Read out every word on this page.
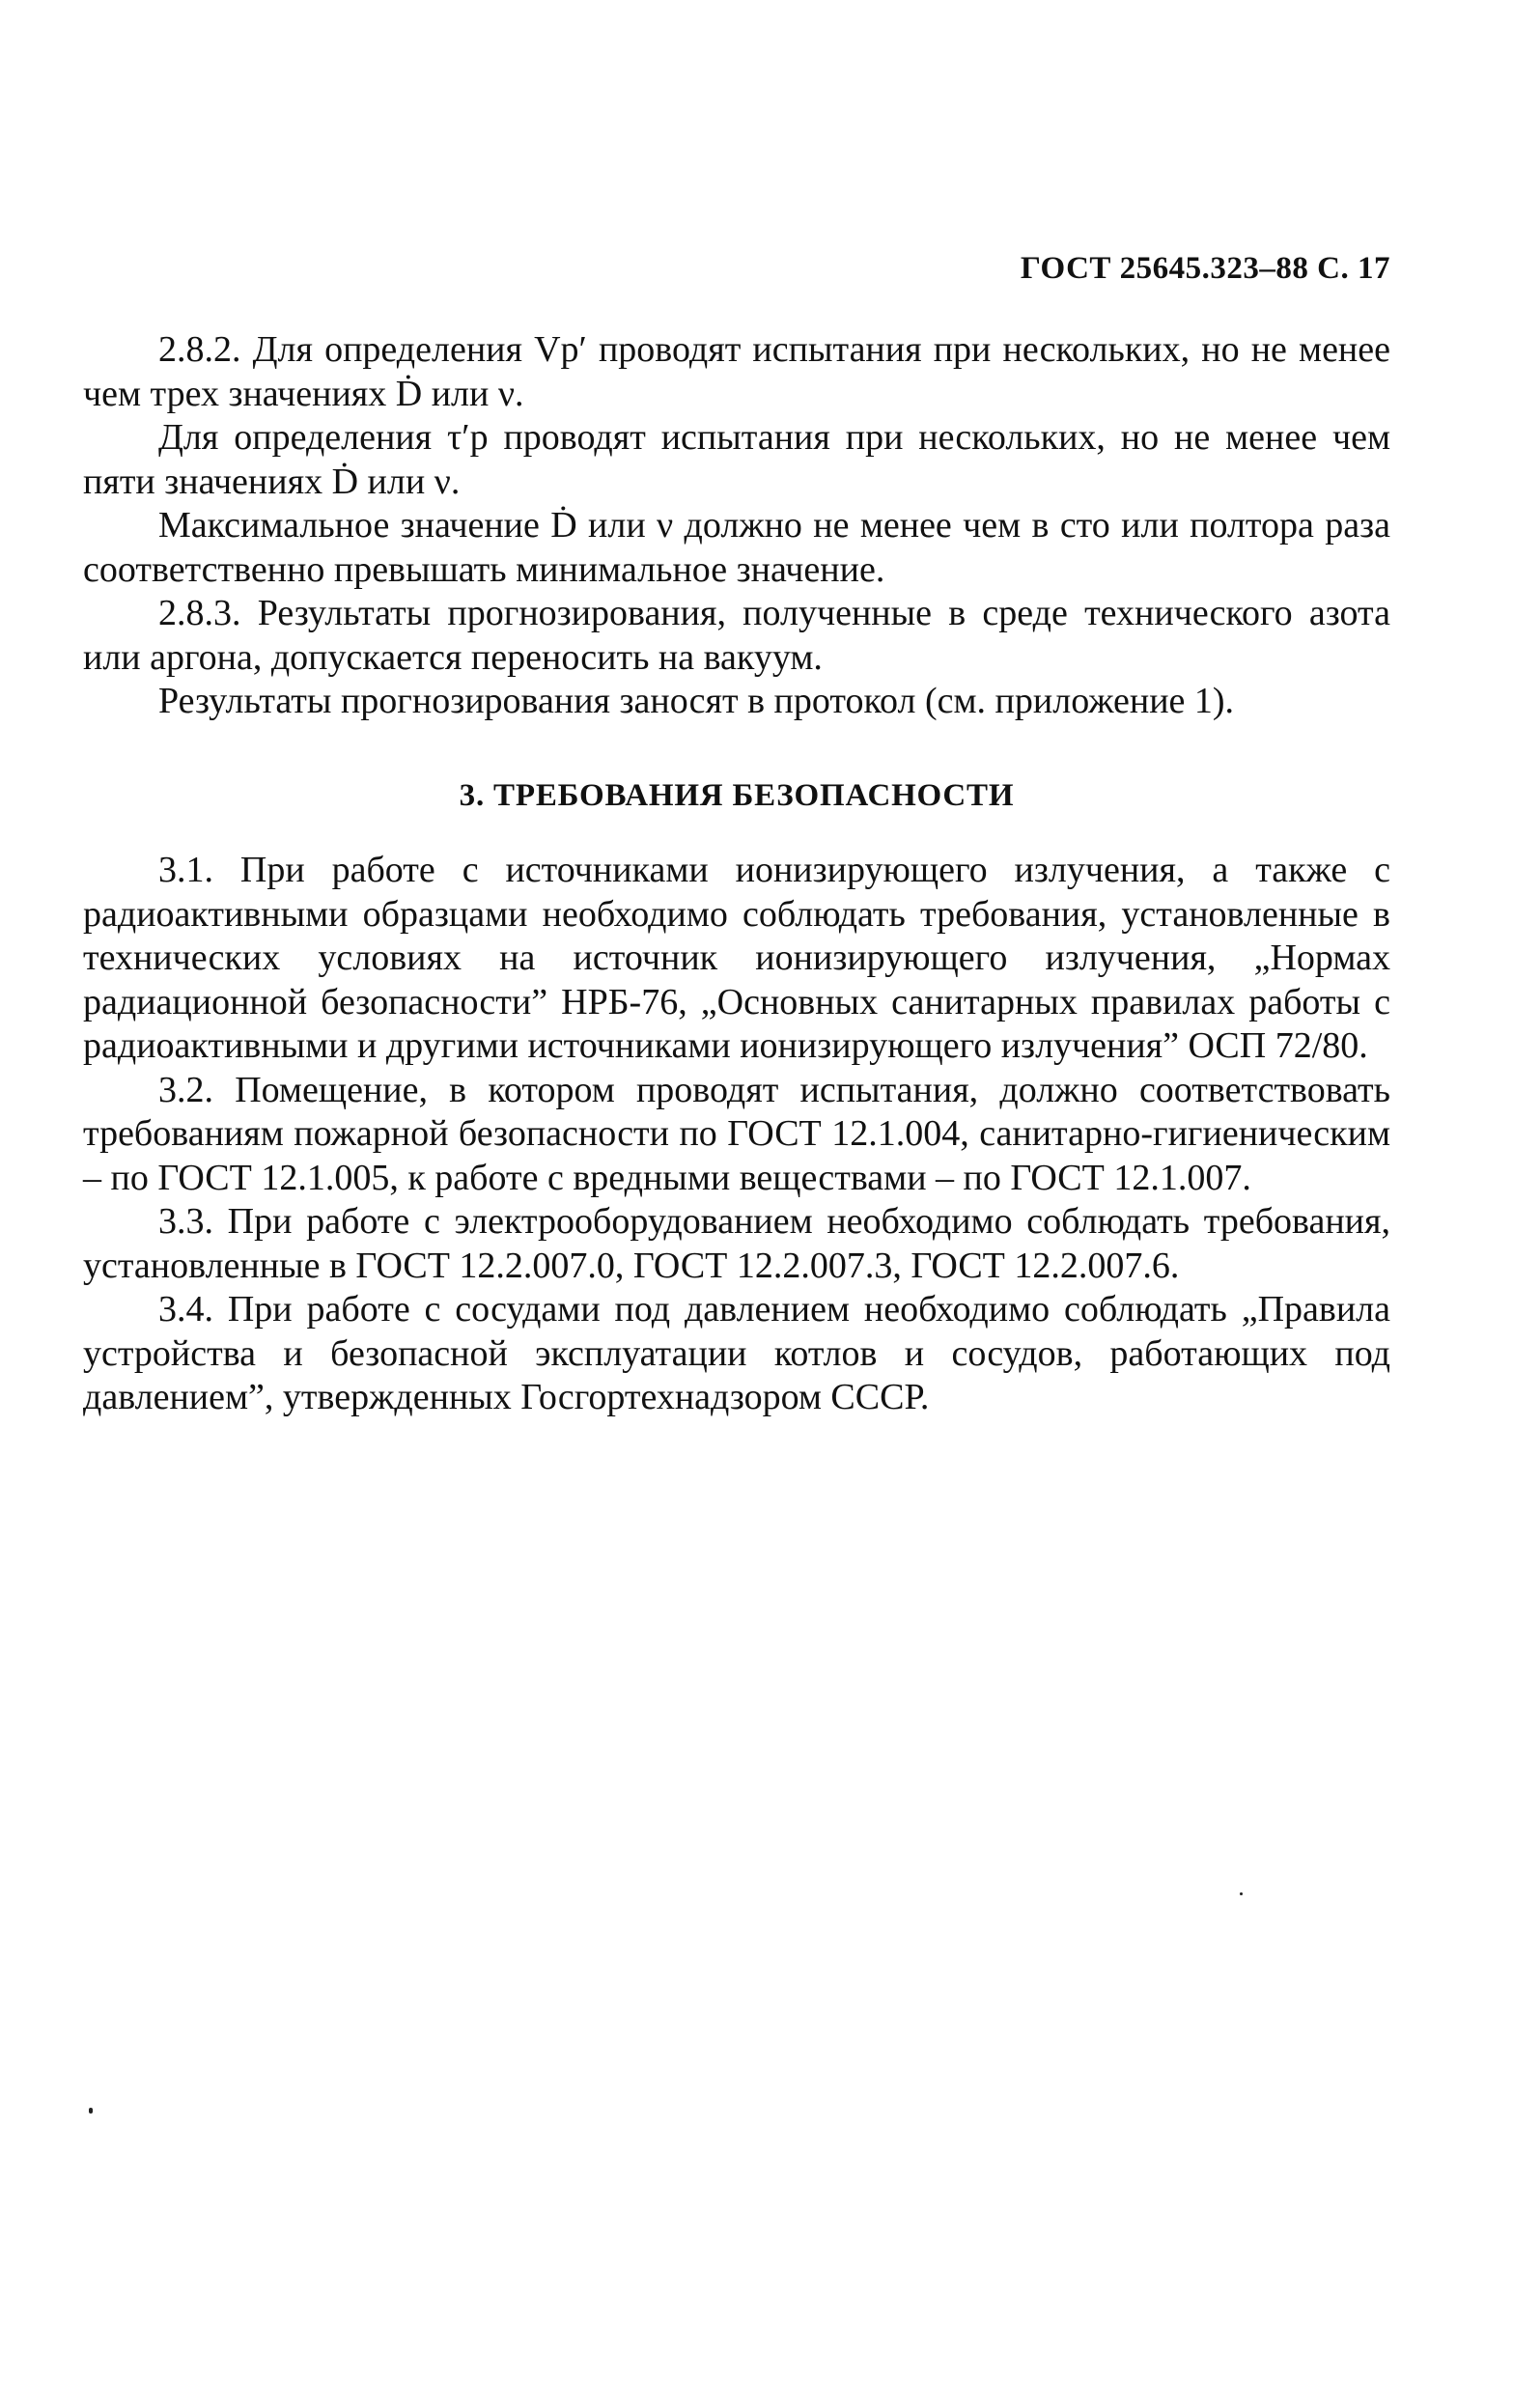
ГОСТ 25645.323–88 С. 17

2.8.2. Для определения Vр′ проводят испытания при нескольких, но не менее чем трех значениях Ḋ или ν.

Для определения τ′р проводят испытания при нескольких, но не менее чем пяти значениях Ḋ или ν.

Максимальное значение Ḋ или ν должно не менее чем в сто или полтора раза соответственно превышать минимальное значение.

2.8.3. Результаты прогнозирования, полученные в среде технического азота или аргона, допускается переносить на вакуум.

Результаты прогнозирования заносят в протокол (см. приложение 1).

3. ТРЕБОВАНИЯ БЕЗОПАСНОСТИ

3.1. При работе с источниками ионизирующего излучения, а также с радиоактивными образцами необходимо соблюдать требования, установленные в технических условиях на источник ионизирующего излучения, „Нормах радиационной безопасности” НРБ-76, „Основных санитарных правилах работы с радиоактивными и другими источниками ионизирующего излучения” ОСП 72/80.

3.2. Помещение, в котором проводят испытания, должно соответствовать требованиям пожарной безопасности по ГОСТ 12.1.004, санитарно-гигиеническим – по ГОСТ 12.1.005, к работе с вредными веществами – по ГОСТ 12.1.007.

3.3. При работе с электрооборудованием необходимо соблюдать требования, установленные в ГОСТ 12.2.007.0, ГОСТ 12.2.007.3, ГОСТ 12.2.007.6.

3.4. При работе с сосудами под давлением необходимо соблюдать „Правила устройства и безопасной эксплуатации котлов и сосудов, работающих под давлением”, утвержденных Госгортехнадзором СССР.
